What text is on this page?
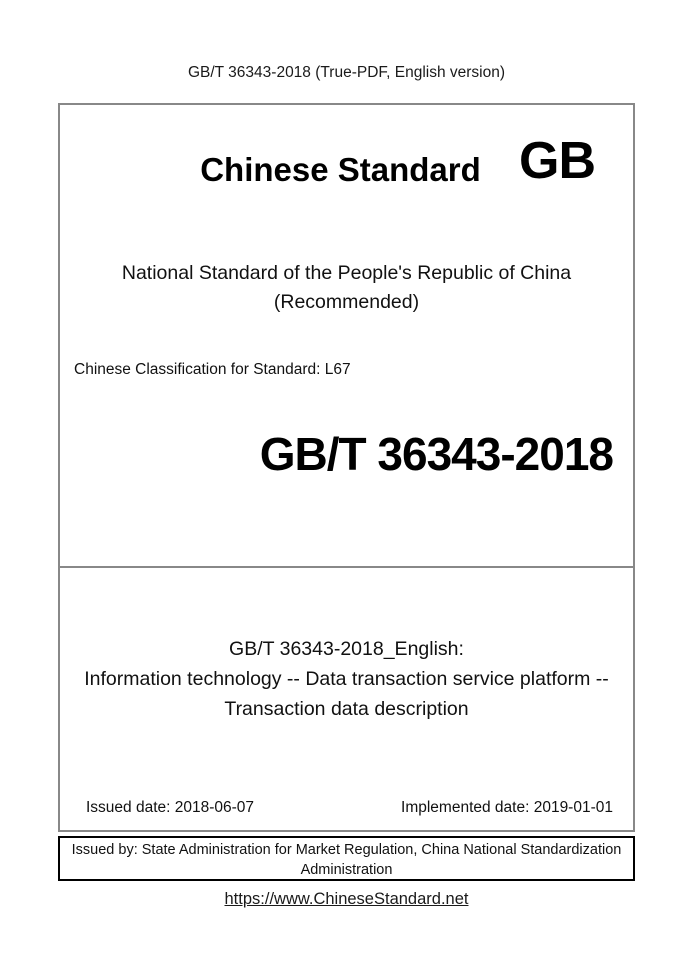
GB/T 36343-2018 (True-PDF, English version)
Chinese Standard GB
National Standard of the People's Republic of China
(Recommended)
Chinese Classification for Standard: L67
GB/T 36343-2018
GB/T 36343-2018_English:
Information technology -- Data transaction service platform --
Transaction data description
Issued date: 2018-06-07	Implemented date: 2019-01-01
Issued by: State Administration for Market Regulation, China National Standardization
Administration
https://www.ChineseStandard.net
